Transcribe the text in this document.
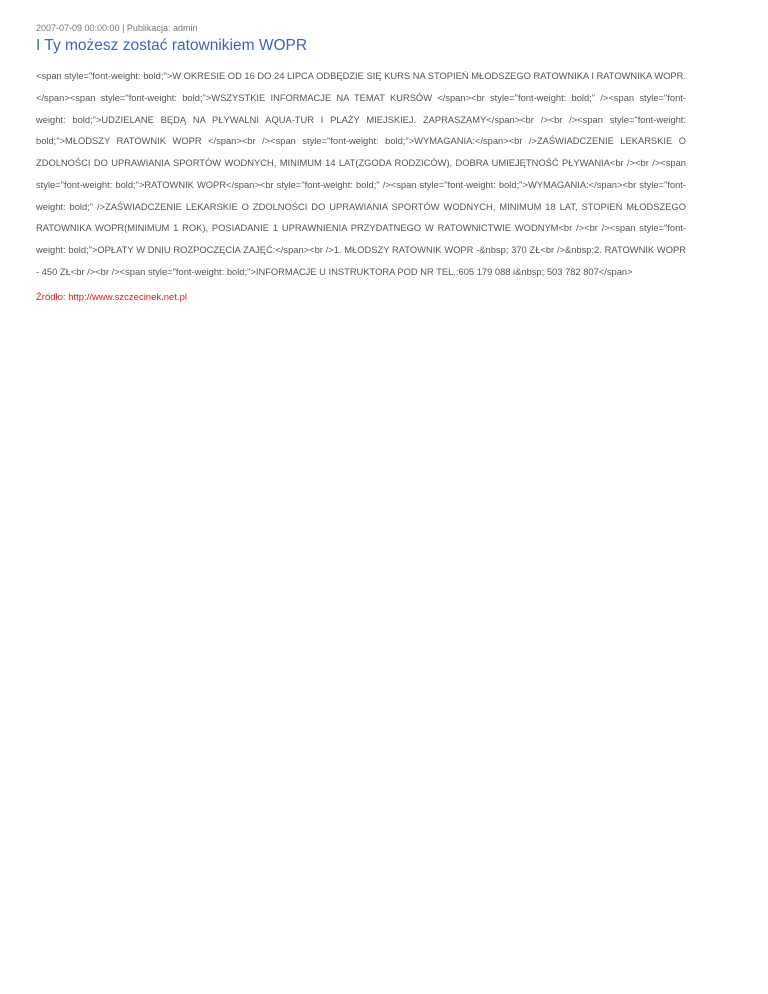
2007-07-09 00:00:00 | Publikacja: admin
I Ty możesz zostać ratownikiem WOPR
<span style="font-weight: bold;">W OKRESIE OD 16 DO 24 LIPCA ODBĘDZIE SIĘ KURS NA STOPIEŃ MŁODSZEGO RATOWNIKA I RATOWNIKA WOPR. </span><span style="font-weight: bold;">WSZYSTKIE INFORMACJE NA TEMAT KURSÓW </span><br style="font-weight: bold;" /><span style="font-weight: bold;">UDZIELANE BĘDĄ NA PŁYWALNI AQUA-TUR I PLAŻY MIEJSKIEJ. ZAPRASZAMY</span><br /><br /><span style="font-weight: bold;">MŁODSZY RATOWNIK WOPR </span><br /><span style="font-weight: bold;">WYMAGANIA:</span><br />ZAŚWIADCZENIE LEKARSKIE O ZDOLNOŚCI DO UPRAWIANIA SPORTÓW WODNYCH, MINIMUM 14 LAT(ZGODA RODZICÓW), DOBRA UMIEJĘTNOŚĆ PŁYWANIA<br /><br /><span style="font-weight: bold;">RATOWNIK WOPR</span><br style="font-weight: bold;" /><span style="font-weight: bold;">WYMAGANIA:</span><br style="font-weight: bold;" />ZAŚWIADCZENIE LEKARSKIE O ZDOLNOŚCI DO UPRAWIANIA SPORTÓW WODNYCH, MINIMUM 18 LAT, STOPIEŃ MŁODSZEGO RATOWNIKA WOPR(MINIMUM 1 ROK), POSIADANIE 1 UPRAWNIENIA PRZYDATNEGO W RATOWNICTWIE WODNYM<br /><br /><span style="font-weight: bold;">OPŁATY W DNIU ROZPOCZĘCIA ZAJĘĆ:</span><br />1. MŁODSZY RATOWNIK WOPR -&nbsp; 370 ZŁ<br />&nbsp;2. RATOWNIK WOPR - 450 ZŁ<br /><br /><span style="font-weight: bold;">INFORMACJE U INSTRUKTORA POD NR TEL.:605 179 088 i&nbsp; 503 782 807</span>
Źródło: http://www.szczecinek.net.pl
